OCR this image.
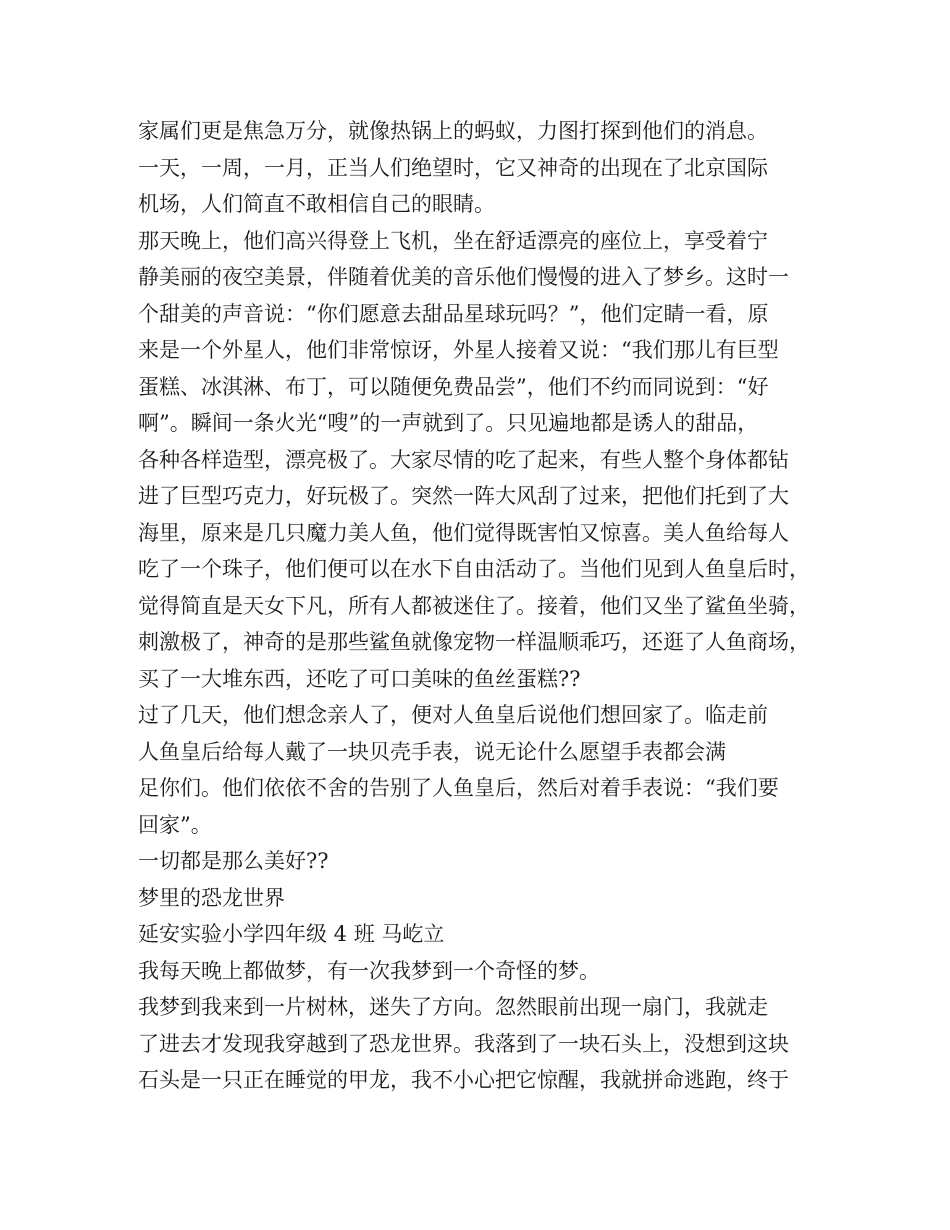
家属们更是焦急万分，就像热锅上的蚂蚁，力图打探到他们的消息。
一天，一周，一月，正当人们绝望时，它又神奇的出现在了北京国际
机场，人们简直不敢相信自己的眼睛。
那天晚上，他们高兴得登上飞机，坐在舒适漂亮的座位上，享受着宁
静美丽的夜空美景，伴随着优美的音乐他们慢慢的进入了梦乡。这时一
个甜美的声音说：“你们愿意去甜品星球玩吗？”，他们定睛一看，原
来是一个外星人，他们非常惊讶，外星人接着又说：“我们那儿有巨型
蛋糕、冰淇淋、布丁，可以随便免费品尝”，他们不约而同说到：“好
啊”。瞬间一条火光“嗖”的一声就到了。只见遍地都是诱人的甜品，
各种各样造型，漂亮极了。大家尽情的吃了起来，有些人整个身体都钻
进了巨型巧克力，好玩极了。突然一阵大风刮了过来，把他们托到了大
海里，原来是几只魔力美人鱼，他们觉得既害怕又惊喜。美人鱼给每人
吃了一个珠子，他们便可以在水下自由活动了。当他们见到人鱼皇后时，
觉得简直是天女下凡，所有人都被迷住了。接着，他们又坐了鲨鱼坐骑，
刺激极了，神奇的是那些鲨鱼就像宠物一样温顺乖巧，还逛了人鱼商场，
买了一大堆东西，还吃了可口美味的鱼丝蛋糕??
过了几天，他们想念亲人了，便对人鱼皇后说他们想回家了。临走前
人鱼皇后给每人戴了一块贝壳手表，说无论什么愿望手表都会满
足你们。他们依依不舍的告别了人鱼皇后，然后对着手表说：“我们要
回家”。
一切都是那么美好??
梦里的恐龙世界
延安实验小学四年级 4 班 马屹立
我每天晚上都做梦，有一次我梦到一个奇怪的梦。
我梦到我来到一片树林，迷失了方向。忽然眼前出现一扇门，我就走
了进去才发现我穿越到了恐龙世界。我落到了一块石头上，没想到这块
石头是一只正在睡觉的甲龙，我不小心把它惊醒，我就拼命逃跑，终于
